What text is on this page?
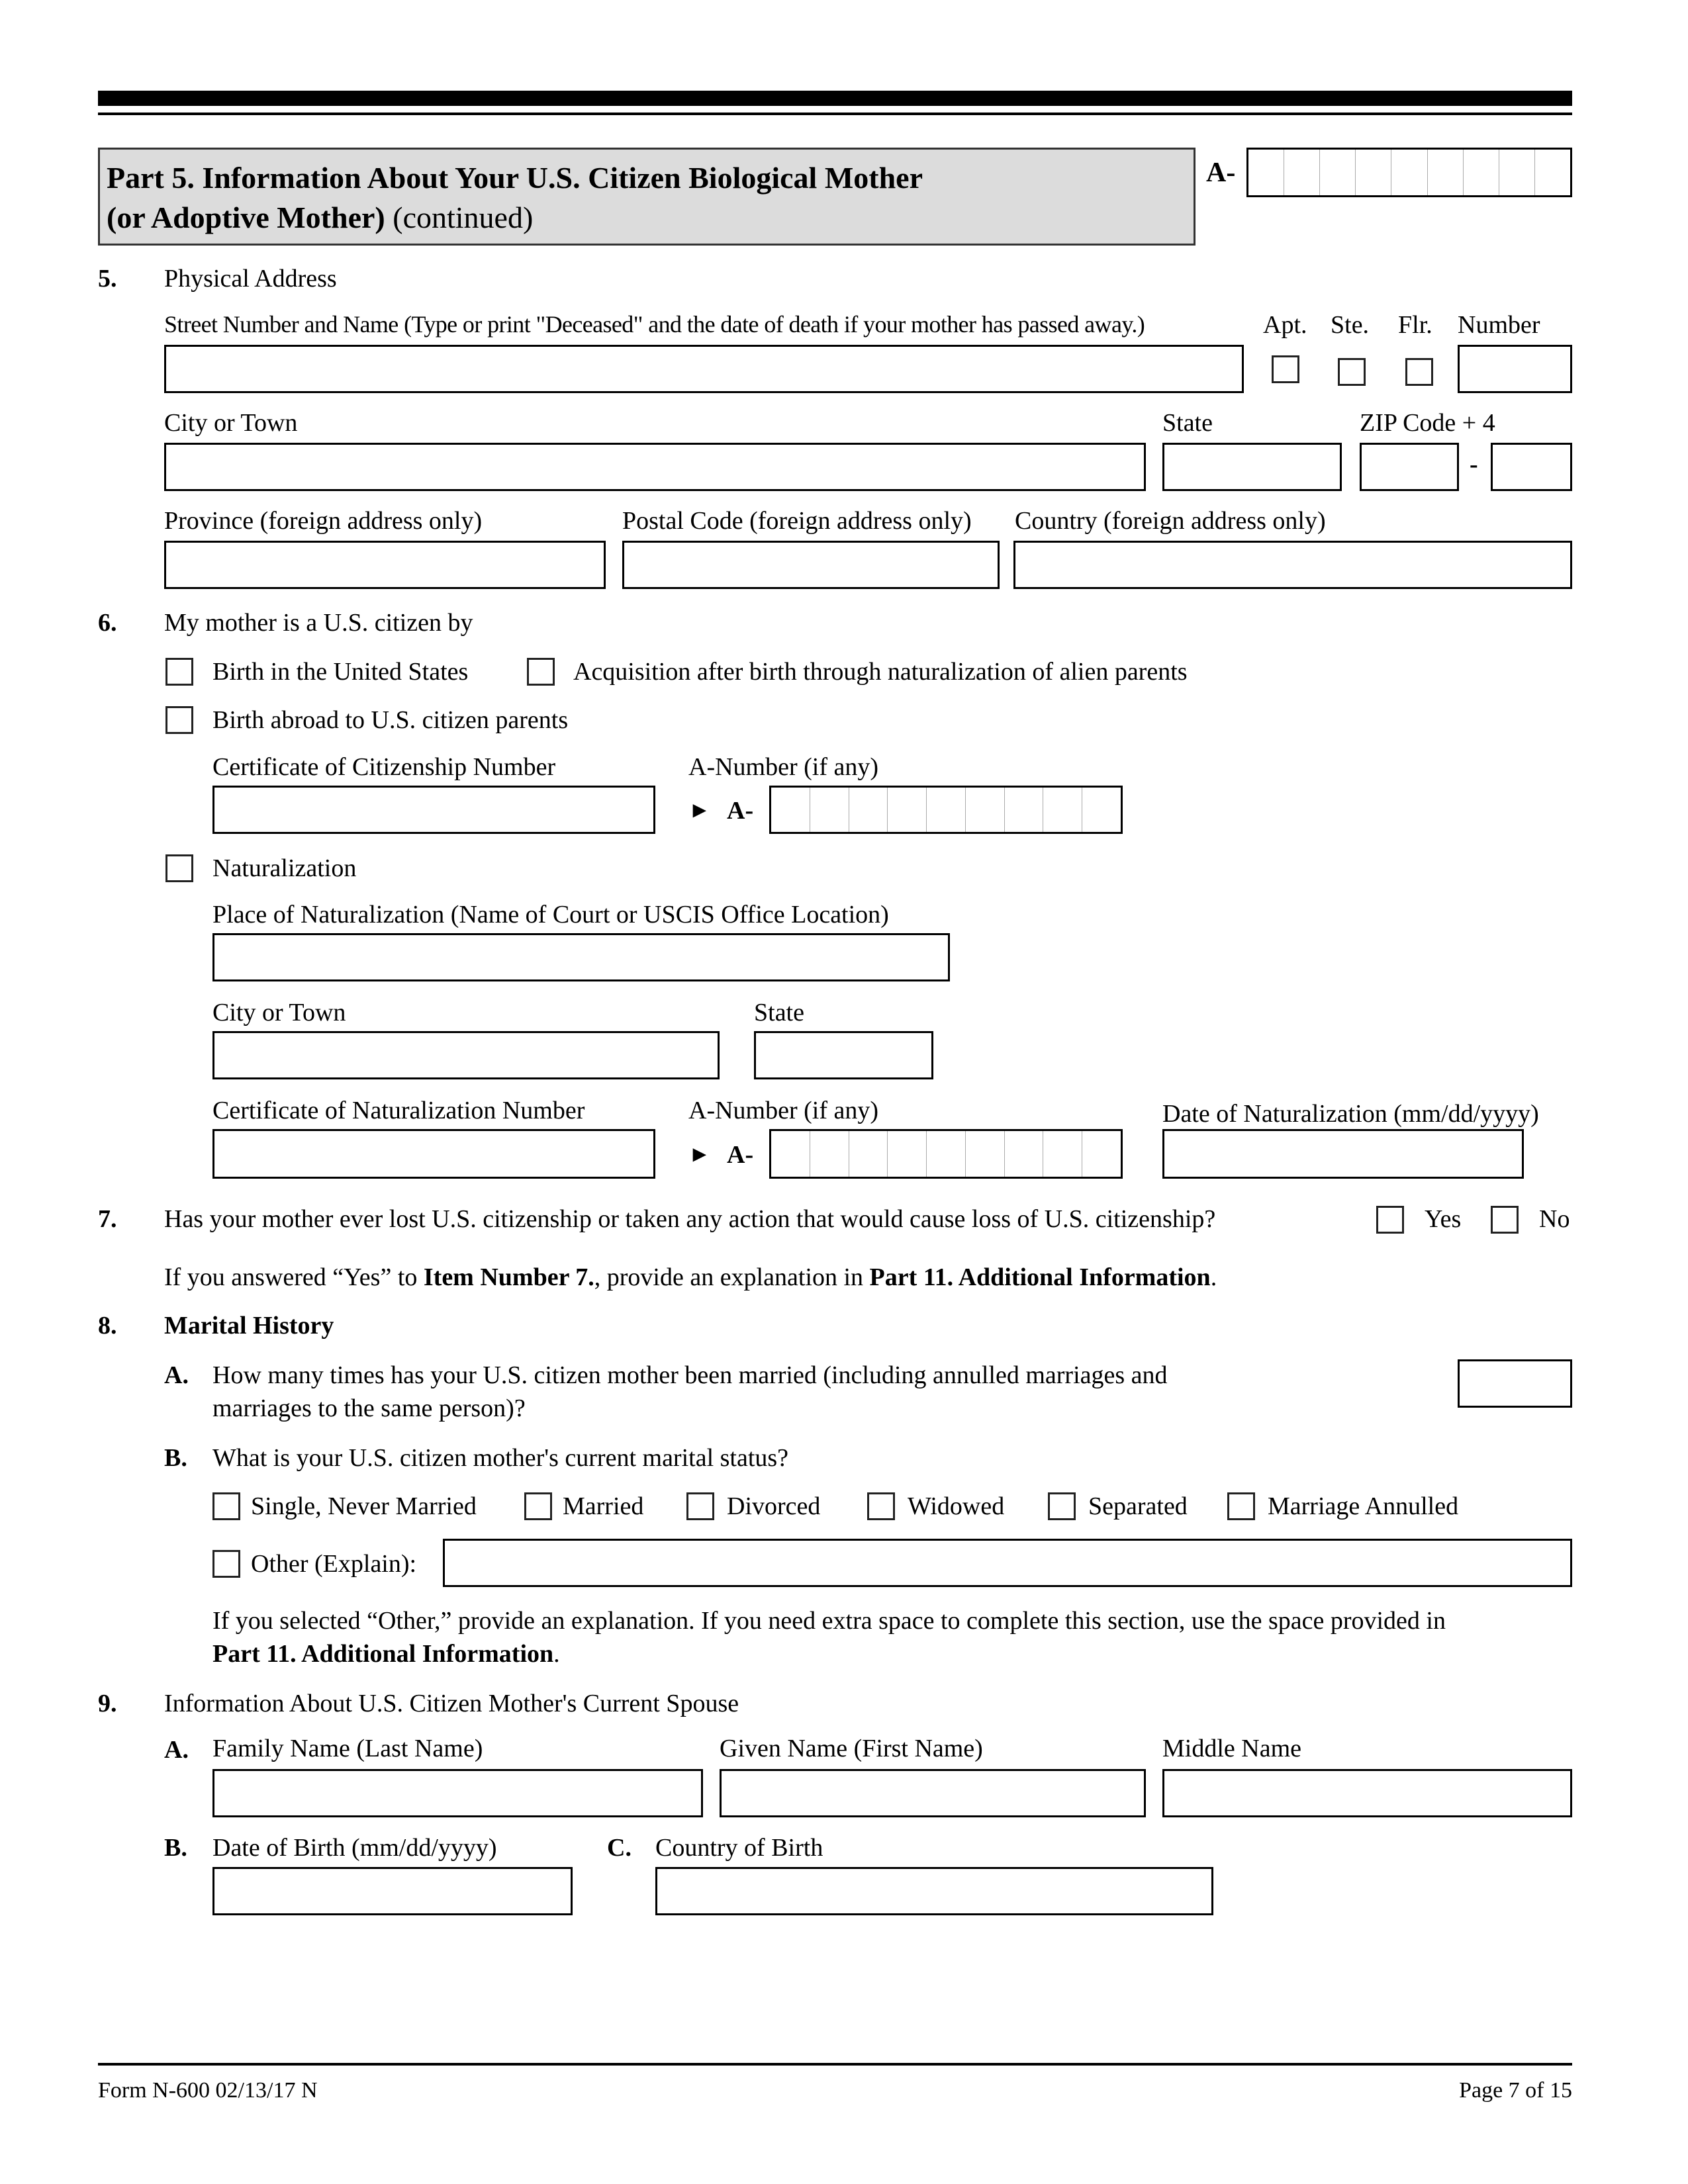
Part 5. Information About Your U.S. Citizen Biological Mother
(or Adoptive Mother) (continued)
A-
5. Physical Address
Street Number and Name (Type or print "Deceased" and the date of death if your mother has passed away.)	Apt. Ste. Flr. Number
City or Town	State	ZIP Code + 4
-
Province (foreign address only)	Postal Code (foreign address only) Country (foreign address only)
6. My mother is a U.S. citizen by
Birth in the United States	Acquisition after birth through naturalization of alien parents
Birth abroad to U.S. citizen parents
Certificate of Citizenship Number	A-Number (if any)
► A-
Naturalization
Place of Naturalization (Name of Court or USCIS Office Location)
City or Town	State
Certificate of Naturalization Number	A-Number (if any)	Date of Naturalization (mm/dd/yyyy)
► A-
7. Has your mother ever lost U.S. citizenship or taken any action that would cause loss of U.S. citizenship?	Yes	No
If you answered “Yes” to Item Number 7., provide an explanation in Part 11. Additional Information.
8. Marital History
A. How many times has your U.S. citizen mother been married (including annulled marriages and
marriages to the same person)?
B. What is your U.S. citizen mother's current marital status?
Single, Never Married	Married	Divorced	Widowed	Separated	Marriage Annulled
Other (Explain):
If you selected “Other,” provide an explanation. If you need extra space to complete this section, use the space provided in
Part 11. Additional Information.
9. Information About U.S. Citizen Mother's Current Spouse
A. Family Name (Last Name)	Given Name (First Name)	Middle Name
B. Date of Birth (mm/dd/yyyy)	C. Country of Birth
Form N-600 02/13/17 N	Page 7 of 15
